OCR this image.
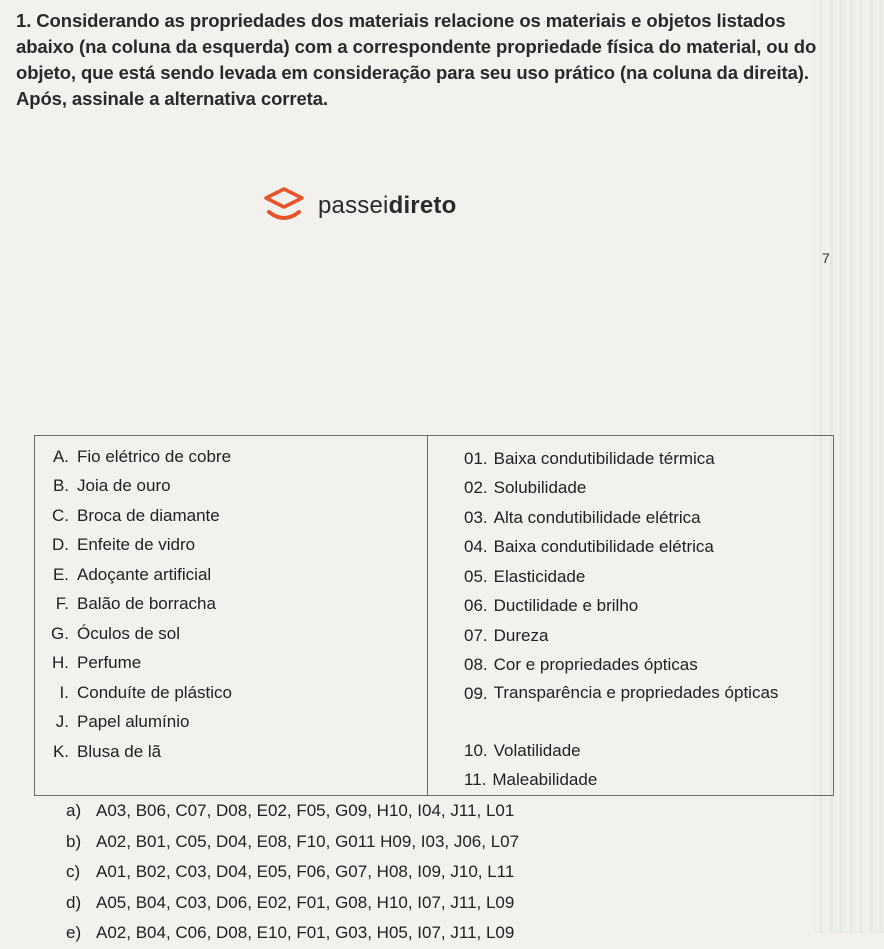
1. Considerando as propriedades dos materiais relacione os materiais e objetos listados abaixo (na coluna da esquerda) com a correspondente propriedade física do material, ou do objeto, que está sendo levada em consideração para seu uso prático (na coluna da direita). Após, assinale a alternativa correta.
passeidireto
7
A. Fio elétrico de cobre
B. Joia de ouro
C. Broca de diamante
D. Enfeite de vidro
E. Adoçante artificial
F. Balão de borracha
G. Óculos de sol
H. Perfume
I. Conduíte de plástico
J. Papel alumínio
K. Blusa de lã

01. Baixa condutibilidade térmica
02. Solubilidade
03. Alta condutibilidade elétrica
04. Baixa condutibilidade elétrica
05. Elasticidade
06. Ductilidade e brilho
07. Dureza
08. Cor e propriedades ópticas
09. Transparência e propriedades ópticas
10. Volatilidade
11. Maleabilidade
a) A03, B06, C07, D08, E02, F05, G09, H10, I04, J11, L01
b) A02, B01, C05, D04, E08, F10, G011 H09, I03, J06, L07
c) A01, B02, C03, D04, E05, F06, G07, H08, I09, J10, L11
d) A05, B04, C03, D06, E02, F01, G08, H10, I07, J11, L09
e) A02, B04, C06, D08, E10, F01, G03, H05, I07, J11, L09
